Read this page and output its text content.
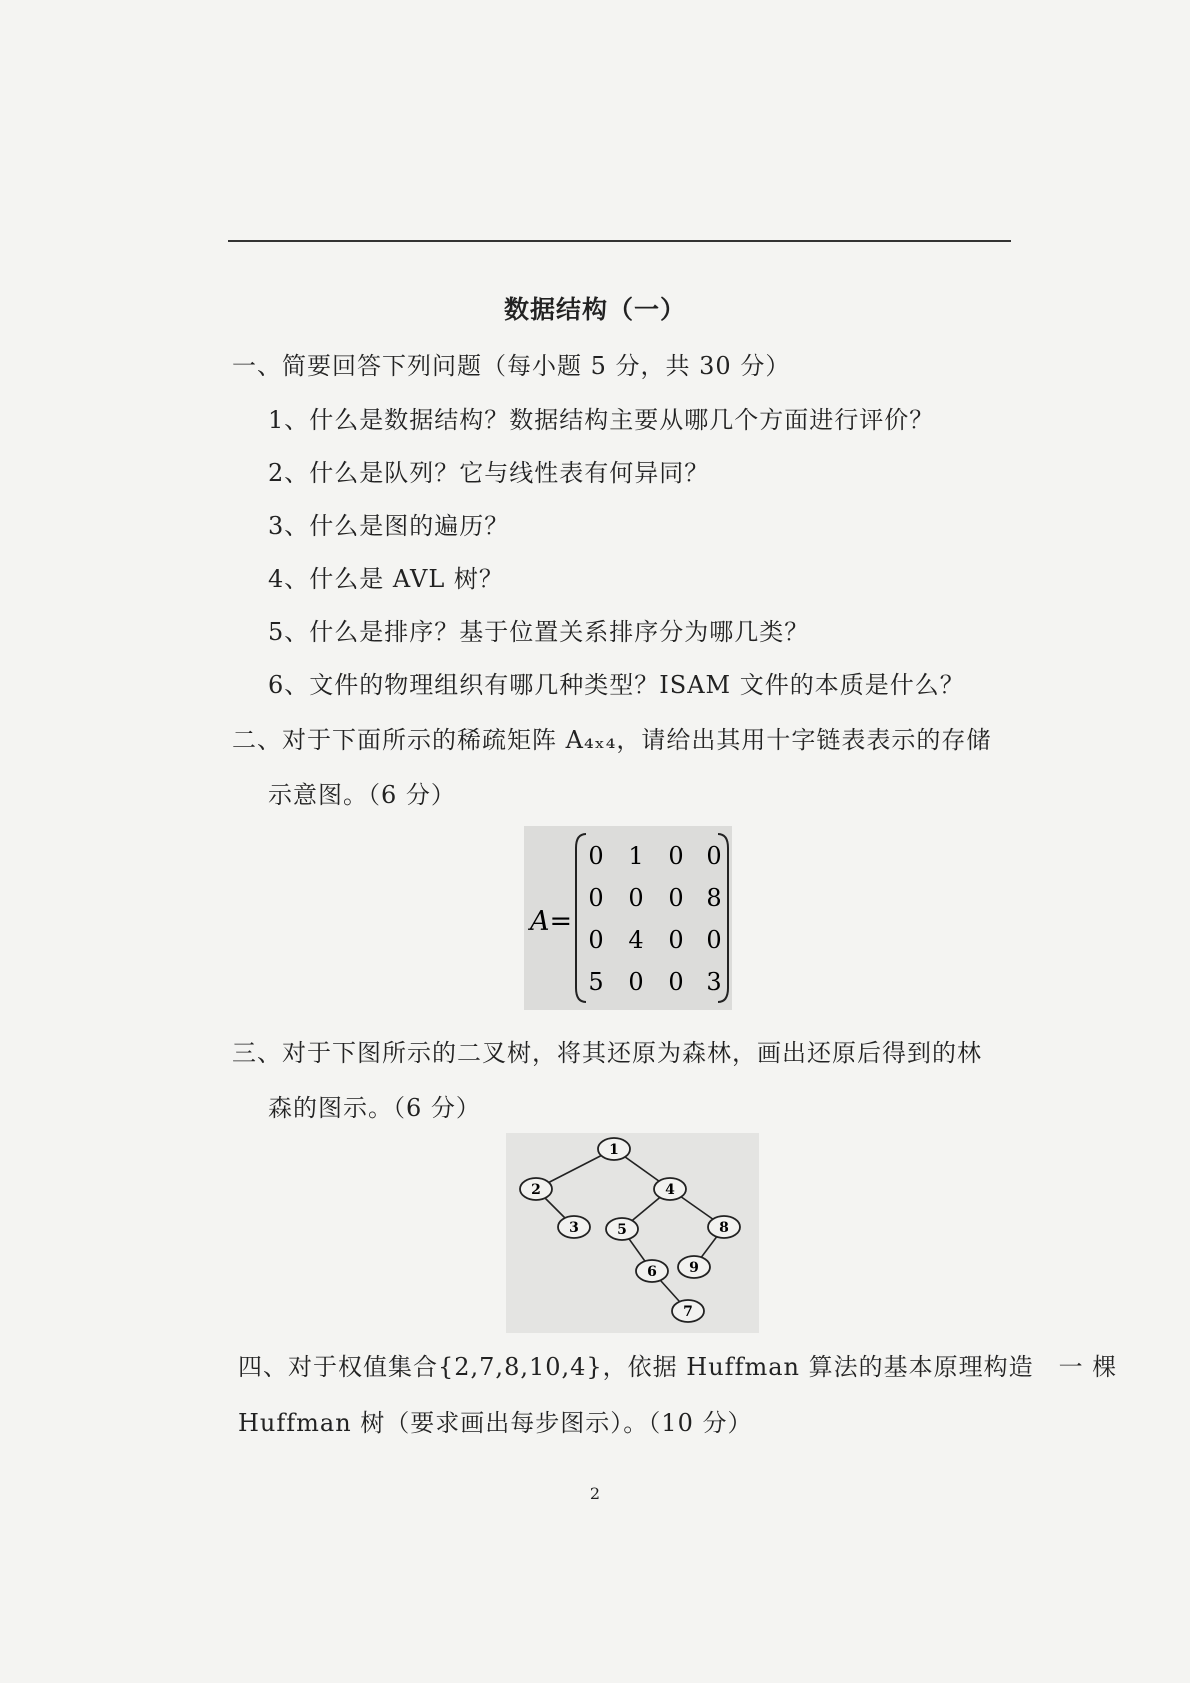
数据结构（一）
一、简要回答下列问题（每小题 5 分，共 30 分）
1、什么是数据结构？数据结构主要从哪几个方面进行评价？
2、什么是队列？它与线性表有何异同？
3、什么是图的遍历？
4、什么是 AVL 树？
5、什么是排序？基于位置关系排序分为哪几类？
6、文件的物理组织有哪几种类型？ISAM 文件的本质是什么？
二、对于下面所示的稀疏矩阵 A₄ₓ₄，请给出其用十字链表表示的存储
示意图。（6 分）
A=
0 1 0 0
0 0 0 8
0 4 0 0
5 0 0 3
三、对于下图所示的二叉树，将其还原为森林，画出还原后得到的林
森的图示。（6 分）
1
2
3
4
5
6
7
8
9
四、对于权值集合{2,7,8,10,4}，依据 Huffman 算法的基本原理构造　一 棵
Huffman 树（要求画出每步图示）。（10 分）
2
